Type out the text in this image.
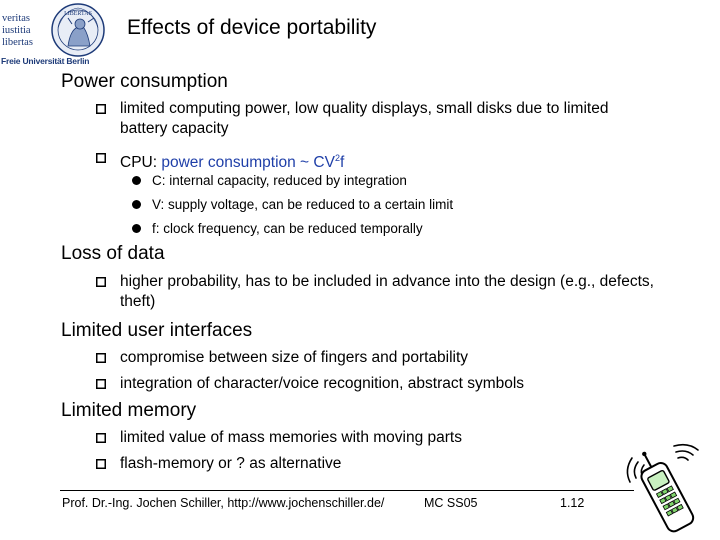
veritas
iustitia
libertas
LIBERTAS
Freie Universität Berlin
Effects of device portability
Power consumption
limited computing power, low quality displays, small disks due to limited battery capacity
CPU: power consumption ~ $CV^2f$
C: internal capacity, reduced by integration
V: supply voltage, can be reduced to a certain limit
f: clock frequency, can be reduced temporally
Loss of data
higher probability, has to be included in advance into the design (e.g., defects, theft)
Limited user interfaces
compromise between size of fingers and portability
integration of character/voice recognition, abstract symbols
Limited memory
limited value of mass memories with moving parts
flash-memory or ? as alternative
Prof. Dr.-Ing. Jochen Schiller, http://www.jochenschiller.de/	MC SS05	1.12
